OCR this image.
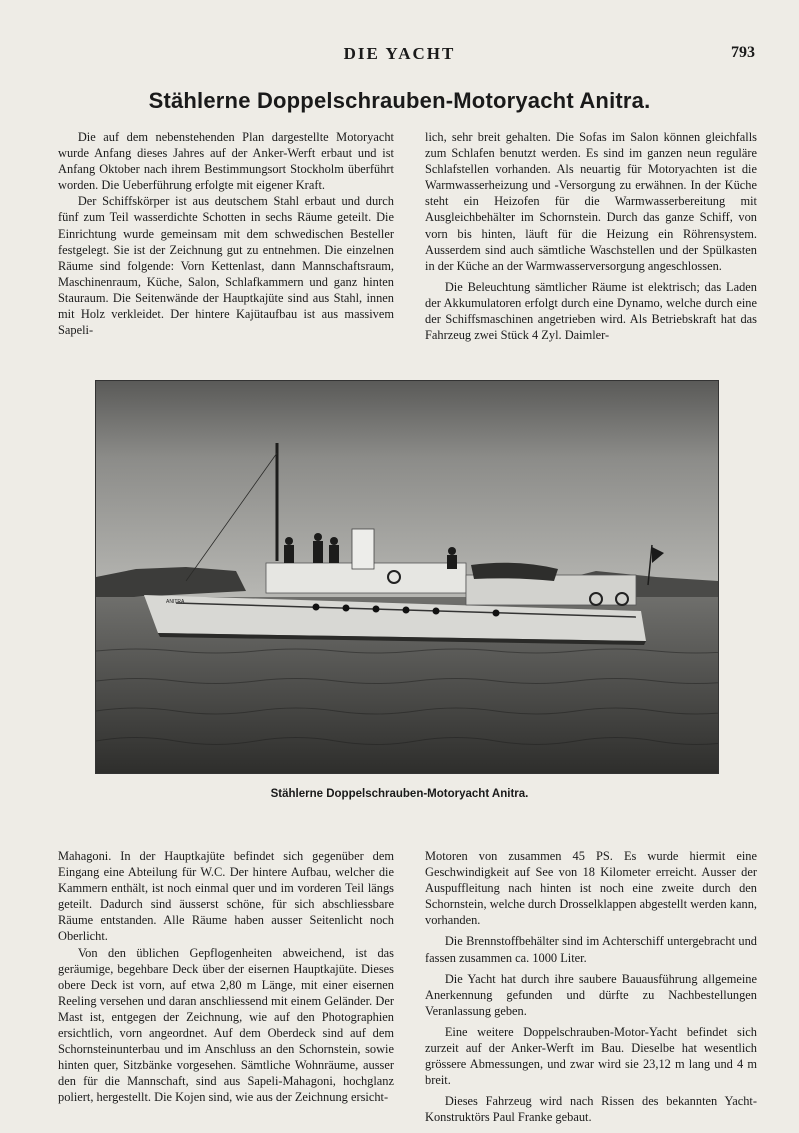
DIE YACHT	793
Stählerne Doppelschrauben-Motoryacht Anitra.

Die auf dem nebenstehenden Plan dargestellte Motoryacht wurde Anfang dieses Jahres auf der Anker-Werft erbaut und ist Anfang Oktober nach ihrem Bestimmungsort Stockholm überführt worden. Die Ueberführung erfolgte mit eigener Kraft.

Der Schiffskörper ist aus deutschem Stahl erbaut und durch fünf zum Teil wasserdichte Schotten in sechs Räume geteilt. Die Einrichtung wurde gemeinsam mit dem schwedischen Besteller festgelegt. Sie ist der Zeichnung gut zu entnehmen. Die einzelnen Räume sind folgende: Vorn Kettenlast, dann Mannschaftsraum, Maschinenraum, Küche, Salon, Schlafkammern und ganz hinten Stauraum. Die Seitenwände der Hauptkajüte sind aus Stahl, innen mit Holz verkleidet. Der hintere Kajütaufbau ist aus massivem Sapeli-

lich, sehr breit gehalten. Die Sofas im Salon können gleichfalls zum Schlafen benutzt werden. Es sind im ganzen neun reguläre Schlafstellen vorhanden. Als neuartig für Motoryachten ist die Warmwasserheizung und -Versorgung zu erwähnen. In der Küche steht ein Heizofen für die Warmwasserbereitung mit Ausgleichbehälter im Schornstein. Durch das ganze Schiff, von vorn bis hinten, läuft für die Heizung ein Röhrensystem. Ausserdem sind auch sämtliche Waschstellen und der Spülkasten in der Küche an der Warmwasserversorgung angeschlossen.

Die Beleuchtung sämtlicher Räume ist elektrisch; das Laden der Akkumulatoren erfolgt durch eine Dynamo, welche durch eine der Schiffsmaschinen angetrieben wird. Als Betriebskraft hat das Fahrzeug zwei Stück 4 Zyl. Daimler-

ANITRA
Stählerne Doppelschrauben-Motoryacht Anitra.

Mahagoni. In der Hauptkajüte befindet sich gegenüber dem Eingang eine Abteilung für W.C. Der hintere Aufbau, welcher die Kammern enthält, ist noch einmal quer und im vorderen Teil längs geteilt. Dadurch sind äusserst schöne, für sich abschliessbare Räume entstanden. Alle Räume haben ausser Seitenlicht noch Oberlicht.

Von den üblichen Gepflogenheiten abweichend, ist das geräumige, begehbare Deck über der eisernen Hauptkajüte. Dieses obere Deck ist vorn, auf etwa 2,80 m Länge, mit einer eisernen Reeling versehen und daran anschliessend mit einem Geländer. Der Mast ist, entgegen der Zeichnung, wie auf den Photographien ersichtlich, vorn angeordnet. Auf dem Oberdeck sind auf dem Schornsteinunterbau und im Anschluss an den Schornstein, sowie hinten quer, Sitzbänke vorgesehen. Sämtliche Wohnräume, ausser den für die Mannschaft, sind aus Sapeli-Mahagoni, hochglanz poliert, hergestellt. Die Kojen sind, wie aus der Zeichnung ersicht-

Motoren von zusammen 45 PS. Es wurde hiermit eine Geschwindigkeit auf See von 18 Kilometer erreicht. Ausser der Auspuffleitung nach hinten ist noch eine zweite durch den Schornstein, welche durch Drosselklappen abgestellt werden kann, vorhanden.

Die Brennstoffbehälter sind im Achterschiff untergebracht und fassen zusammen ca. 1000 Liter.

Die Yacht hat durch ihre saubere Bauausführung allgemeine Anerkennung gefunden und dürfte zu Nachbestellungen Veranlassung geben.

Eine weitere Doppelschrauben-Motor-Yacht befindet sich zurzeit auf der Anker-Werft im Bau. Dieselbe hat wesentlich grössere Abmessungen, und zwar wird sie 23,12 m lang und 4 m breit.

Dieses Fahrzeug wird nach Rissen des bekannten Yacht-Konstruktörs Paul Franke gebaut.
